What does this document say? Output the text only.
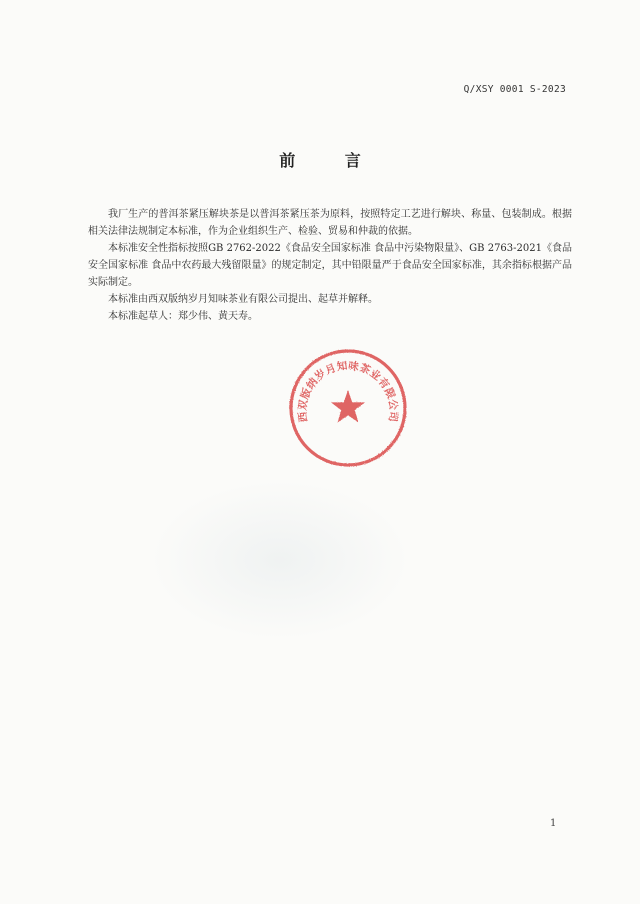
Q/XSY 0001 S-2023
前 言

我厂生产的普洱茶紧压解块茶是以普洱茶紧压茶为原料，按照特定工艺进行解块、称量、包装制成。根据相关法律法规制定本标准，作为企业组织生产、检验、贸易和仲裁的依据。

本标准安全性指标按照GB 2762-2022《食品安全国家标准 食品中污染物限量》、GB 2763-2021《食品安全国家标准 食品中农药最大残留限量》的规定制定，其中铅限量严于食品安全国家标准，其余指标根据产品实际制定。

本标准由西双版纳岁月知味茶业有限公司提出、起草并解释。

本标准起草人：郑少伟、黄天寿。

西双版纳岁月知味茶业有限公司
1
